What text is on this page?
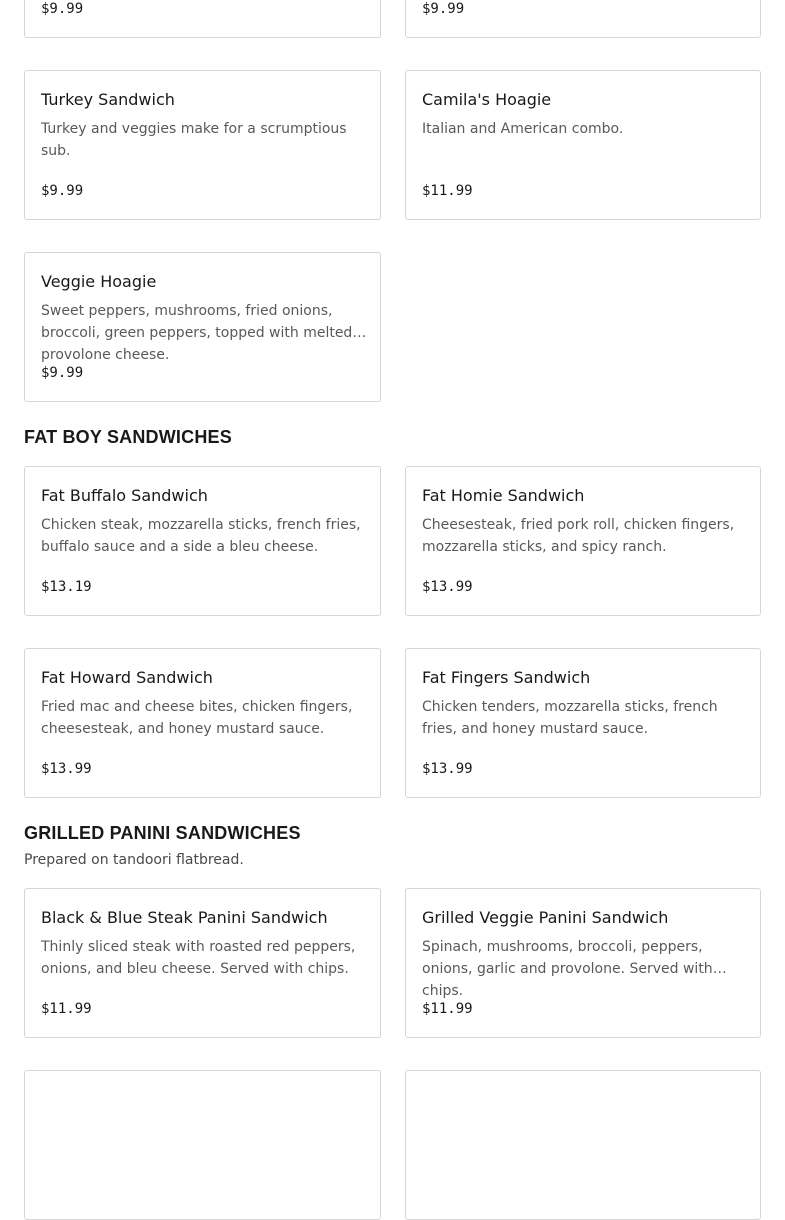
$9.99	$9.99
Turkey Sandwich
Turkey and veggies make for a scrumptious sub.
$9.99
Camila's Hoagie
Italian and American combo.
$11.99
Veggie Hoagie
Sweet peppers, mushrooms, fried onions, broccoli, green peppers, topped with melted provolone cheese.
$9.99
FAT BOY SANDWICHES
Fat Buffalo Sandwich
Chicken steak, mozzarella sticks, french fries, buffalo sauce and a side a bleu cheese.
$13.19
Fat Homie Sandwich
Cheesesteak, fried pork roll, chicken fingers, mozzarella sticks, and spicy ranch.
$13.99
Fat Howard Sandwich
Fried mac and cheese bites, chicken fingers, cheesesteak, and honey mustard sauce.
$13.99
Fat Fingers Sandwich
Chicken tenders, mozzarella sticks, french fries, and honey mustard sauce.
$13.99
GRILLED PANINI SANDWICHES
Prepared on tandoori flatbread.
Black & Blue Steak Panini Sandwich
Thinly sliced steak with roasted red peppers, onions, and bleu cheese. Served with chips.
$11.99
Grilled Veggie Panini Sandwich
Spinach, mushrooms, broccoli, peppers, onions, garlic and provolone. Served with chips.
$11.99
